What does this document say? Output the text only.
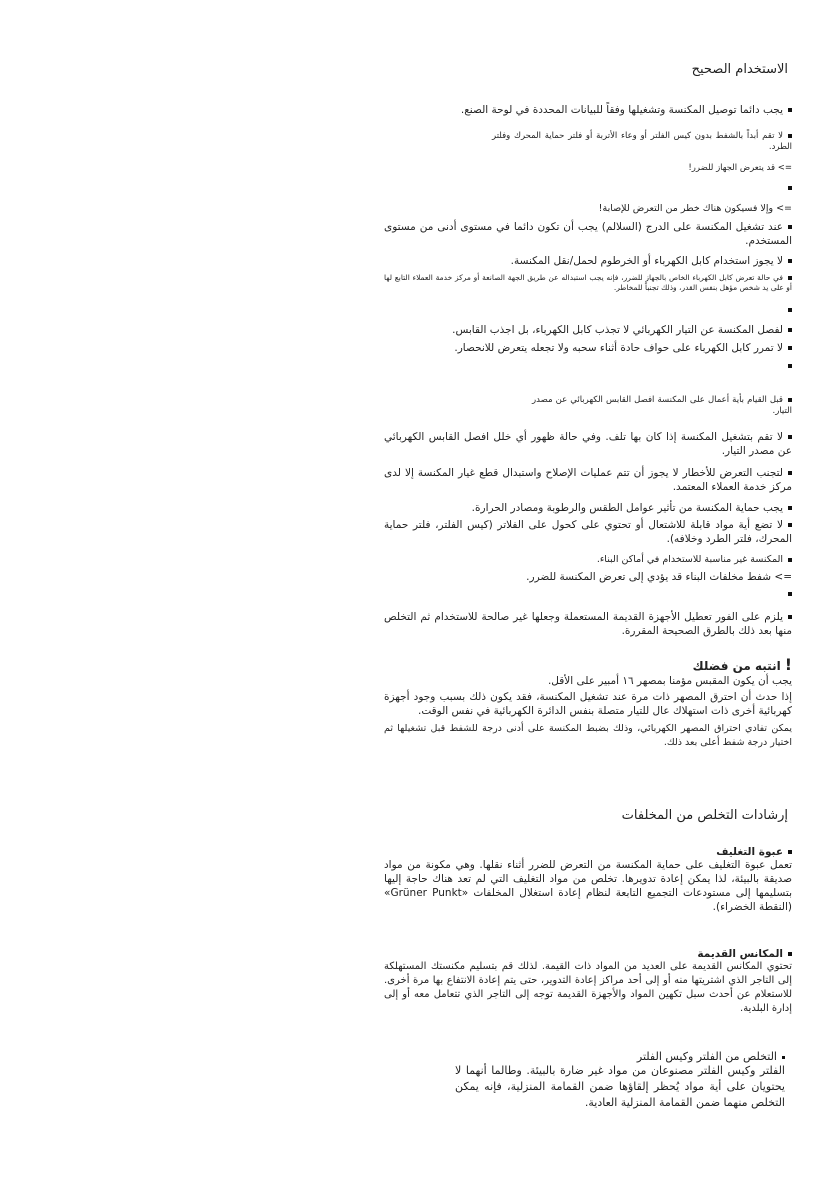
الاستخدام الصحيح
يجب دائما توصيل المكنسة وتشغيلها وفقاً للبيانات المحددة في لوحة الصنع.
لا تقم أبداً بالشفط بدون كيس الفلتر أو وعاء الأتربة أو فلتر حماية المحرك وفلتر الطرد.
=> قد يتعرض الجهاز للضرر!
=> وإلا فسيكون هناك خطر من التعرض للإصابة!
عند تشغيل المكنسة على الدرج (السلالم) يجب أن تكون دائما في مستوى أدنى من مستوى المستخدم.
لا يجوز استخدام كابل الكهرباء أو الخرطوم لحمل/نقل المكنسة.
في حالة تعرض كابل الكهرباء الخاص بالجهاز للضرر، فإنه يجب استبداله عن طريق الجهة الصانعة أو مركز خدمة العملاء التابع لها أو على يد شخص مؤهل بنفس القدر، وذلك تجنباً للمخاطر.
لفصل المكنسة عن التيار الكهربائي لا تجذب كابل الكهرباء، بل اجذب القابس.
لا تمرر كابل الكهرباء على حواف حادة أثناء سحبه ولا تجعله يتعرض للانحصار.
قبل القيام بأية أعمال على المكنسة افصل القابس الكهربائي عن مصدر التيار.
لا تقم بتشغيل المكنسة إذا كان بها تلف. وفي حالة ظهور أي خلل افصل القابس الكهربائي عن مصدر التيار.
لتجنب التعرض للأخطار لا يجوز أن تتم عمليات الإصلاح واستبدال قطع غيار المكنسة إلا لدى مركز خدمة العملاء المعتمد.
يجب حماية المكنسة من تأثير عوامل الطقس والرطوبة ومصادر الحرارة.
لا تضع أية مواد قابلة للاشتعال أو تحتوي على كحول على الفلاتر (كيس الفلتر، فلتر حماية المحرك، فلتر الطرد وخلافه).
المكنسة غير مناسبة للاستخدام في أماكن البناء.
=> شفط مخلفات البناء قد يؤدي إلى تعرض المكنسة للضرر.
يلزم على الفور تعطيل الأجهزة القديمة المستعملة وجعلها غير صالحة للاستخدام ثم التخلص منها بعد ذلك بالطرق الصحيحة المقررة.
!انتبه من فضلك
يجب أن يكون المقبس مؤمنا بمصهر ١٦ أمبير على الأقل.
إذا حدث أن احترق المصهر ذات مرة عند تشغيل المكنسة، فقد يكون ذلك بسبب وجود أجهزة كهربائية أخرى ذات استهلاك عال للتيار متصلة بنفس الدائرة الكهربائية في نفس الوقت.
يمكن تفادي احتراق المصهر الكهربائي، وذلك بضبط المكنسة على أدنى درجة للشفط قبل تشغيلها ثم اختيار درجة شفط أعلى بعد ذلك.
إرشادات التخلص من المخلفات
عبوة التغليف
تعمل عبوة التغليف على حماية المكنسة من التعرض للضرر أثناء نقلها. وهي مكونة من مواد صديقة بالبيئة، لذا يمكن إعادة تدويرها. تخلص من مواد التغليف التي لم تعد هناك حاجة إليها بتسليمها إلى مستودعات التجميع التابعة لنظام إعادة استغلال المخلفات «Grüner Punkt» (النقطة الخضراء).
المكانس القديمة
تحتوي المكانس القديمة على العديد من المواد ذات القيمة. لذلك قم بتسليم مكنستك المستهلكة إلى التاجر الذي اشتريتها منه أو إلى أحد مراكز إعادة التدوير، حتى يتم إعادة الانتفاع بها مرة أخرى. للاستعلام عن أحدث سبل تكهين المواد والأجهزة القديمة توجه إلى التاجر الذي تتعامل معه أو إلى إدارة البلدية.
التخلص من الفلتر وكيس الفلتر
الفلتر وكيس الفلتر مصنوعان من مواد غير ضارة بالبيئة. وطالما أنهما لا يحتويان على أية مواد يُحظر إلقاؤها ضمن القمامة المنزلية، فإنه يمكن التخلص منهما ضمن القمامة المنزلية العادية.
